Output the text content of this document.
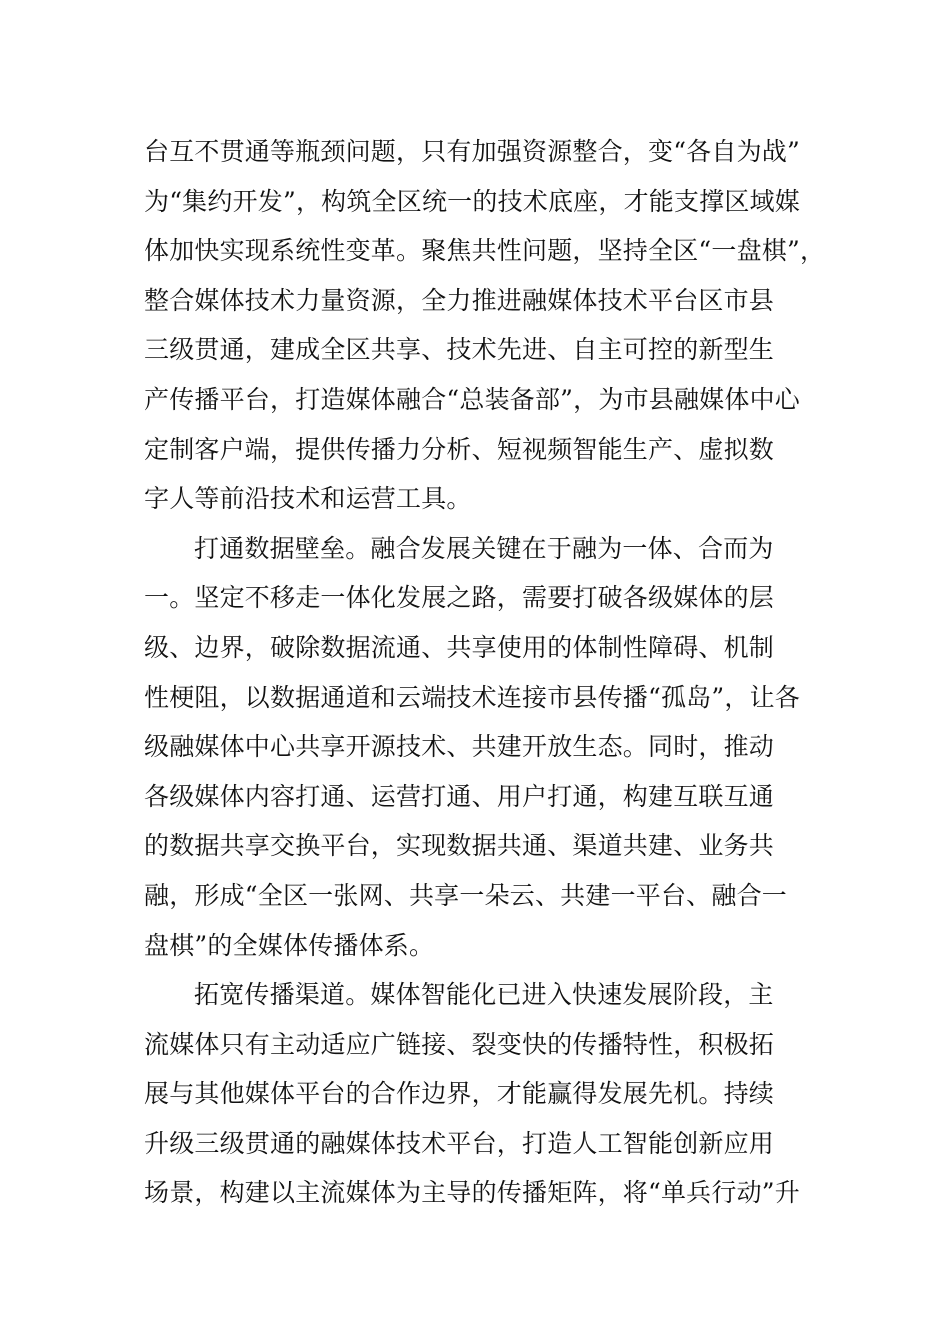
台互不贯通等瓶颈问题，只有加强资源整合，变“各自为战”
为“集约开发”，构筑全区统一的技术底座，才能支撑区域媒
体加快实现系统性变革。聚焦共性问题，坚持全区“一盘棋”，
整合媒体技术力量资源，全力推进融媒体技术平台区市县
三级贯通，建成全区共享、技术先进、自主可控的新型生
产传播平台，打造媒体融合“总装备部”，为市县融媒体中心
定制客户端，提供传播力分析、短视频智能生产、虚拟数
字人等前沿技术和运营工具。
打通数据壁垒。融合发展关键在于融为一体、合而为
一。坚定不移走一体化发展之路，需要打破各级媒体的层
级、边界，破除数据流通、共享使用的体制性障碍、机制
性梗阻，以数据通道和云端技术连接市县传播“孤岛”，让各
级融媒体中心共享开源技术、共建开放生态。同时，推动
各级媒体内容打通、运营打通、用户打通，构建互联互通
的数据共享交换平台，实现数据共通、渠道共建、业务共
融，形成“全区一张网、共享一朵云、共建一平台、融合一
盘棋”的全媒体传播体系。
拓宽传播渠道。媒体智能化已进入快速发展阶段，主
流媒体只有主动适应广链接、裂变快的传播特性，积极拓
展与其他媒体平台的合作边界，才能赢得发展先机。持续
升级三级贯通的融媒体技术平台，打造人工智能创新应用
场景，构建以主流媒体为主导的传播矩阵，将“单兵行动”升
